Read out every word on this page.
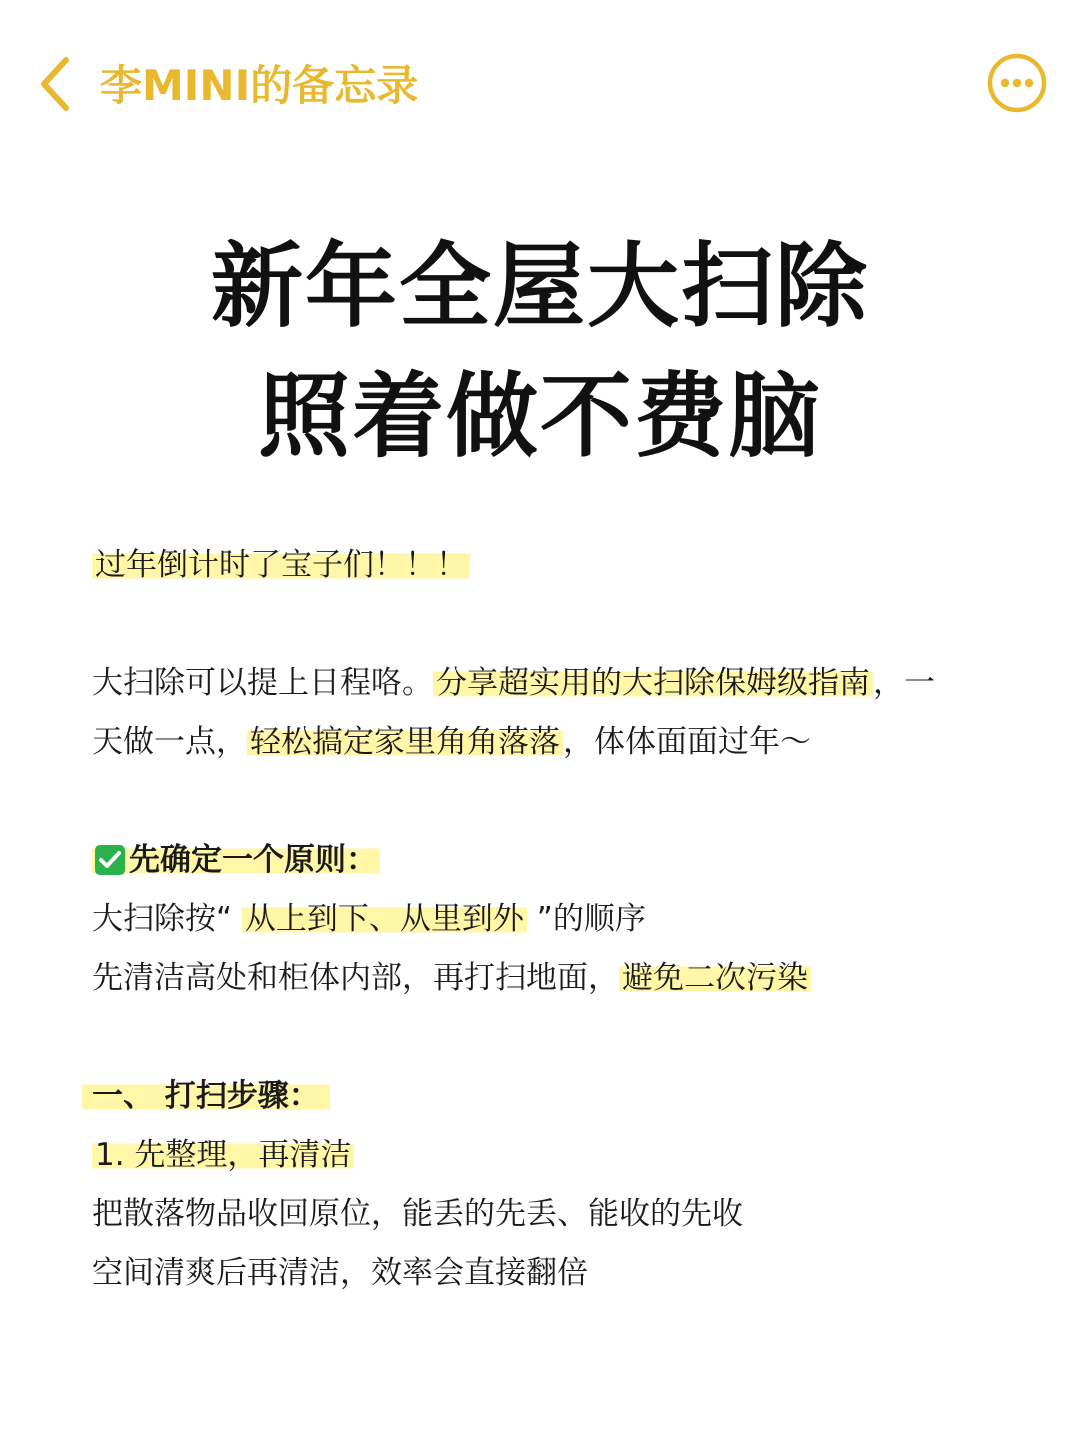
李MINI的备忘录
新年全屋大扫除
照着做不费脑
过年倒计时了宝子们！！！
大扫除可以提上日程咯。分享超实用的大扫除保姆级指南，一
天做一点，轻松搞定家里角角落落，体体面面过年～
先确定一个原则：
大扫除按“ 从上到下、从里到外 ”的顺序
先清洁高处和柜体内部，再打扫地面，避免二次污染
一、 打扫步骤：
1. 先整理，再清洁
把散落物品收回原位，能丢的先丢、能收的先收
空间清爽后再清洁，效率会直接翻倍
